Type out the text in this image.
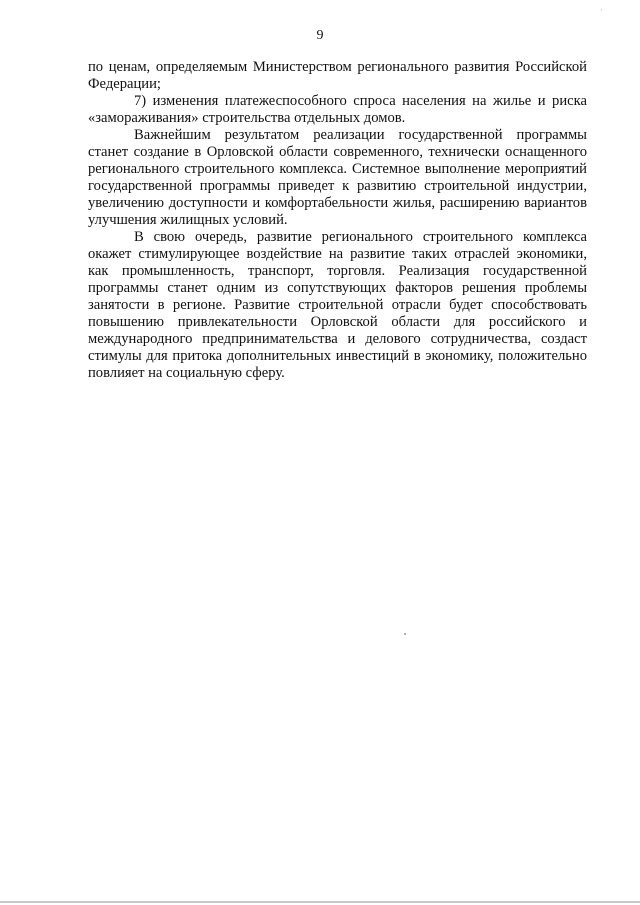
·
9

по ценам, определяемым Министерством регионального развития Российской Федерации;

7) изменения платежеспособного спроса населения на жилье и риска «замораживания» строительства отдельных домов.

Важнейшим результатом реализации государственной программы станет создание в Орловской области современного, технически оснащенного регионального строительного комплекса. Системное выполнение мероприятий государственной программы приведет к развитию строительной индустрии, увеличению доступности и комфортабельности жилья, расширению вариантов улучшения жилищных условий.

В свою очередь, развитие регионального строительного комплекса окажет стимулирующее воздействие на развитие таких отраслей экономики, как промышленность, транспорт, торговля. Реализация государственной программы станет одним из сопутствующих факторов решения проблемы занятости в регионе. Развитие строительной отрасли будет способствовать повышению привлекательности Орловской области для российского и международного предпринимательства и делового сотрудничества, создаст стимулы для притока дополнительных инвестиций в экономику, положительно повлияет на социальную сферу.
